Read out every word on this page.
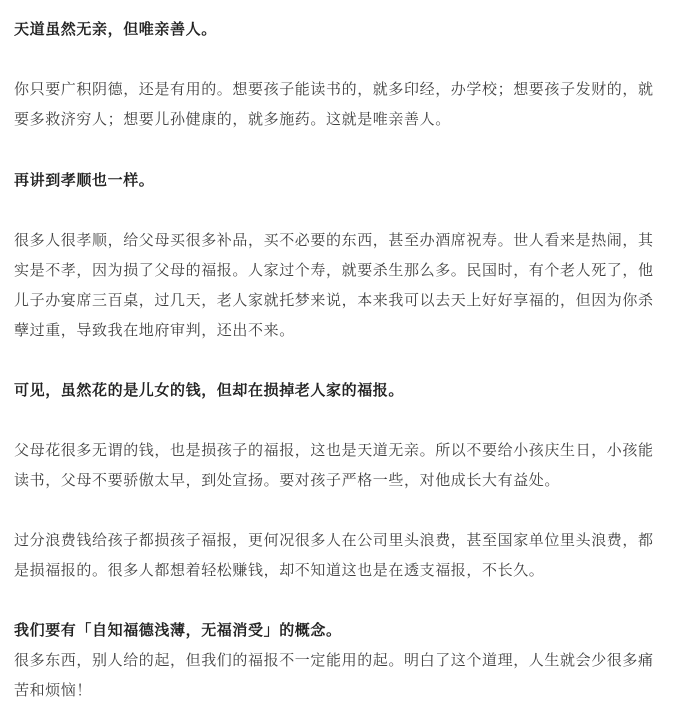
天道虽然无亲，但唯亲善人。
你只要广积阴德，还是有用的。想要孩子能读书的，就多印经，办学校；想要孩子发财的，就
要多救济穷人；想要儿孙健康的，就多施药。这就是唯亲善人。
再讲到孝顺也一样。
很多人很孝顺，给父母买很多补品，买不必要的东西，甚至办酒席祝寿。世人看来是热闹，其
实是不孝，因为损了父母的福报。人家过个寿，就要杀生那么多。民国时，有个老人死了，他
儿子办宴席三百桌，过几天，老人家就托梦来说，本来我可以去天上好好享福的，但因为你杀
孽过重，导致我在地府审判，还出不来。
可见，虽然花的是儿女的钱，但却在损掉老人家的福报。
父母花很多无谓的钱，也是损孩子的福报，这也是天道无亲。所以不要给小孩庆生日，小孩能
读书，父母不要骄傲太早，到处宣扬。要对孩子严格一些，对他成长大有益处。
过分浪费钱给孩子都损孩子福报，更何况很多人在公司里头浪费，甚至国家单位里头浪费，都
是损福报的。很多人都想着轻松赚钱，却不知道这也是在透支福报，不长久。
我们要有「自知福德浅薄，无福消受」的概念。
很多东西，别人给的起，但我们的福报不一定能用的起。明白了这个道理，人生就会少很多痛
苦和烦恼！
